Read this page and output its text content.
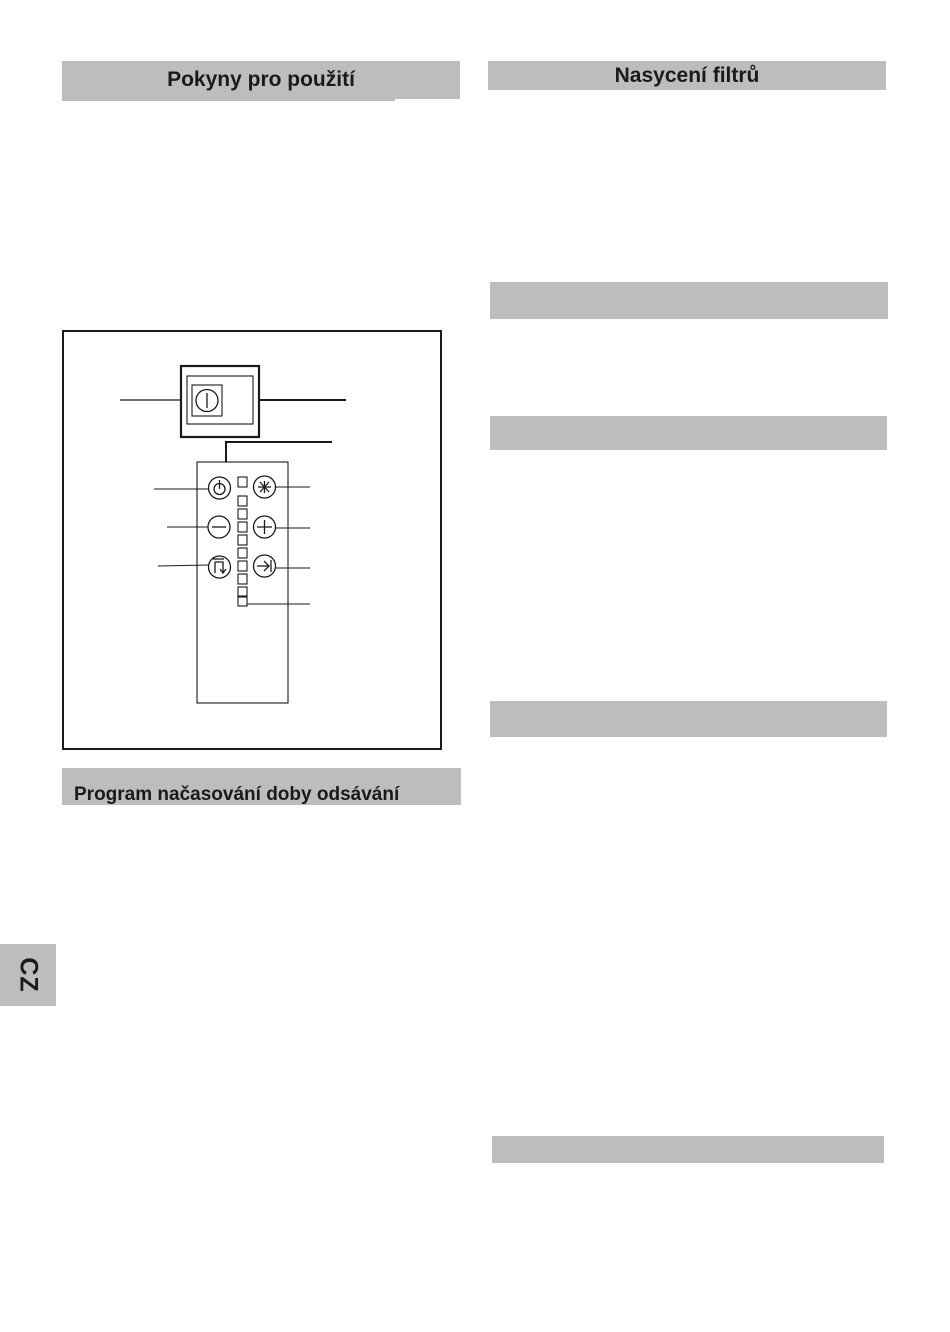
Pokyny pro použití
Program načasování doby odsávání
Nasycení filtrů
CZ
